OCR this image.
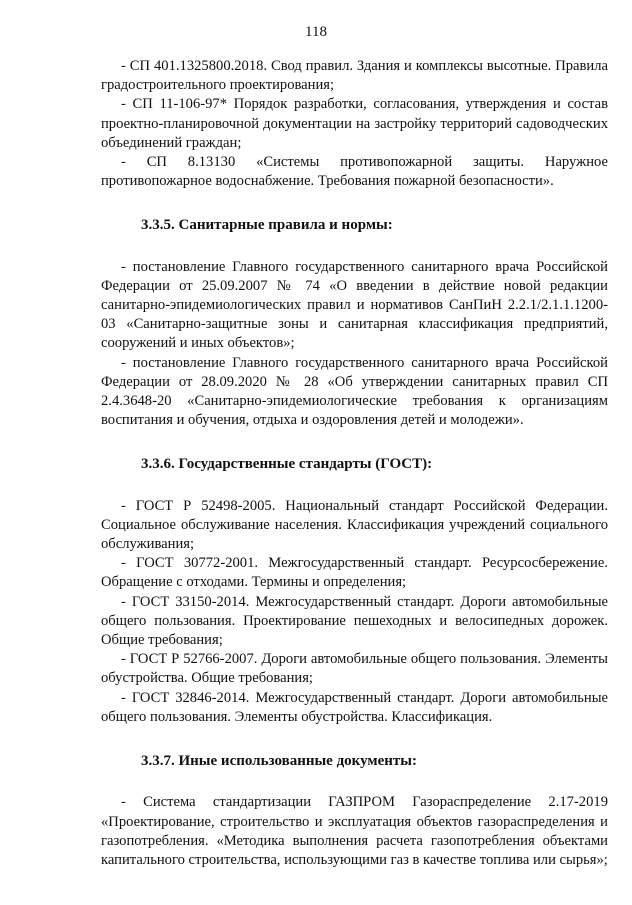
118

- СП 401.1325800.2018. Свод правил. Здания и комплексы высотные. Правила градостроительного проектирования;

- СП 11-106-97* Порядок разработки, согласования, утверждения и состав проектно-планировочной документации на застройку территорий садоводческих объединений граждан;

- СП 8.13130 «Системы противопожарной защиты. Наружное противопожарное водоснабжение. Требования пожарной безопасности».

3.3.5. Санитарные правила и нормы:

- постановление Главного государственного санитарного врача Российской Федерации от 25.09.2007 № 74 «О введении в действие новой редакции санитарно-эпидемиологических правил и нормативов СанПиН 2.2.1/2.1.1.1200-03 «Санитарно-защитные зоны и санитарная классификация предприятий, сооружений и иных объектов»;

- постановление Главного государственного санитарного врача Российской Федерации от 28.09.2020 № 28 «Об утверждении санитарных правил СП 2.4.3648-20 «Санитарно-эпидемиологические требования к организациям воспитания и обучения, отдыха и оздоровления детей и молодежи».

3.3.6. Государственные стандарты (ГОСТ):

- ГОСТ Р 52498-2005. Национальный стандарт Российской Федерации. Социальное обслуживание населения. Классификация учреждений социального обслуживания;

- ГОСТ 30772-2001. Межгосударственный стандарт. Ресурсосбережение. Обращение с отходами. Термины и определения;

- ГОСТ 33150-2014. Межгосударственный стандарт. Дороги автомобильные общего пользования. Проектирование пешеходных и велосипедных дорожек. Общие требования;

- ГОСТ Р 52766-2007. Дороги автомобильные общего пользования. Элементы обустройства. Общие требования;

- ГОСТ 32846-2014. Межгосударственный стандарт. Дороги автомобильные общего пользования. Элементы обустройства. Классификация.

3.3.7. Иные использованные документы:

- Система стандартизации ГАЗПРОМ Газораспределение 2.17-2019 «Проектирование, строительство и эксплуатация объектов газораспределения и газопотребления. «Методика выполнения расчета газопотребления объектами капитального строительства, использующими газ в качестве топлива или сырья»;
